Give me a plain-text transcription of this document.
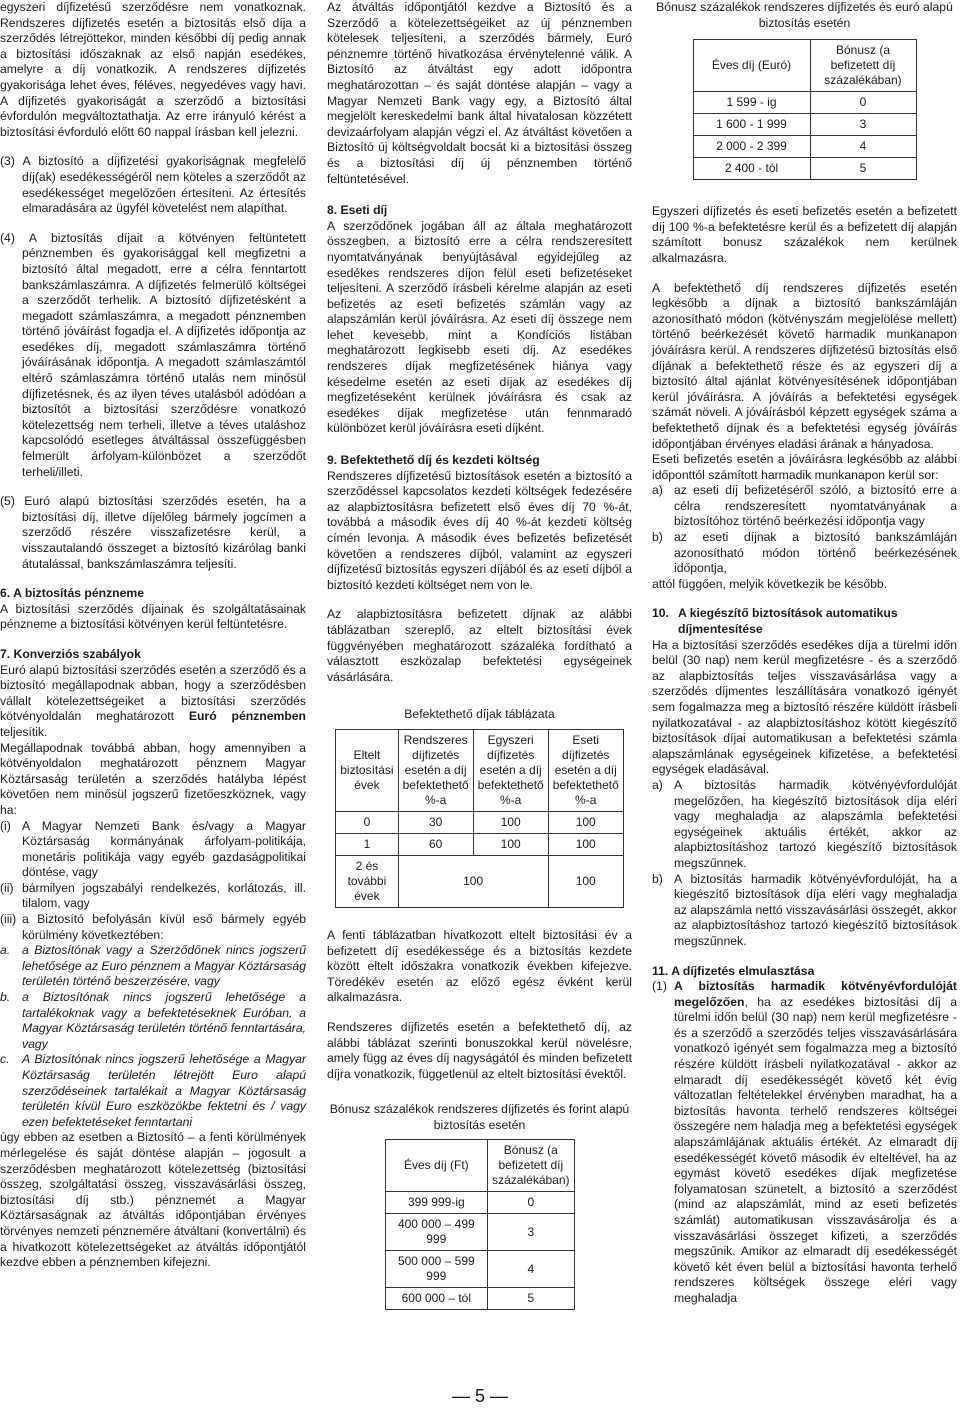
egyszeri díjfizetésű szerződésre nem vonatkoznak. Rendszeres díjfizetés esetén a biztosítás első díja a szerződés létrejöttekor, minden későbbi díj pedig annak a biztosítási időszaknak az első napján esedékes, amelyre a díj vonatkozik. A rendszeres díjfizetés gyakorisága lehet éves, féléves, negyedéves vagy havi. A díjfizetés gyakoriságát a szerződő a biztosítási évfordulón megváltoztathatja. Az erre irányuló kérést a biztosítási évforduló előtt 60 nappal írásban kell jelezni.

(3) A biztosító a díjfizetési gyakoriságnak megfelelő díj(ak) esedékességéről nem köteles a szerződőt az esedékességet megelőzően értesíteni. Az értesítés elmaradására az ügyfél követelést nem alapíthat.

(4) A biztosítás díjait a kötvényen feltüntetett pénznemben és gyakorisággal kell megfizetni a biztosító által megadott, erre a célra fenntartott bankszámlaszámra. A díjfizetés felmerülő költségei a szerződőt terhelik. A biztosító díjfizetésként a megadott számlaszámra, a megadott pénznemben történő jóváírást fogadja el. A díjfizetés időpontja az esedékes díj, megadott számlaszámra történő jóváírásának időpontja. A megadott számlaszámtól eltérő számlaszámra történő utalás nem minősül díjfizetésnek, és az ilyen téves utalásból adódóan a biztosítót a biztosítási szerződésre vonatkozó kötelezettség nem terheli, illetve a téves utaláshoz kapcsolódó esetleges átváltással összefüggésben felmerült árfolyam-különbözet a szerződőt terheli/illeti.

(5) Euró alapú biztosítási szerződés esetén, ha a biztosítási díj, illetve díjelőleg bármely jogcímen a szerződő részére visszafizetésre kerül, a visszautalandó összeget a biztosító kizárólag banki átutalással, bankszámlaszámra teljesíti.

6. A biztosítás pénzneme

A biztosítási szerződés díjainak és szolgáltatásainak pénzneme a biztosítási kötvényen kerül feltüntetésre.

7. Konverziós szabályok

Euró alapú biztosítási szerződés esetén a szerződő és a biztosító megállapodnak abban, hogy a szerződésben vállalt kötelezettségeiket a biztosítási szerződés kötvényoldalán meghatározott Euró pénznemben teljesítik.

Megállapodnak továbbá abban, hogy amennyiben a kötvényoldalon meghatározott pénznem Magyar Köztársaság területén a szerződés hatályba lépést követően nem minősül jogszerű fizetőeszköznek, vagy ha:

(i) A Magyar Nemzeti Bank és/vagy a Magyar Köztársaság kormányának árfolyam-politikája, monetáris politikája vagy egyéb gazdaságpolitikai döntése, vagy
(ii) bármilyen jogszabályi rendelkezés, korlátozás, ill. tilalom, vagy
(iii) a Biztosító befolyásán kívül eső bármely egyéb körülmény következtében:
a. a Biztosítónak vagy a Szerződőnek nincs jogszerű lehetősége az Euro pénznem a Magyar Köztársaság területén történő beszerzésére, vagy
b. a Biztosítónak nincs jogszerű lehetősége a tartalékoknak vagy a befektetéseknek Euróban, a Magyar Köztársaság területén történő fenntartására, vagy
c.	A Biztosítónak nincs jogszerű lehetősége a Magyar Köztársaság területén létrejött Euro alapú szerződéseinek tartalékait a Magyar Köztársaság területén kívül Euro eszközökbe fektetni és / vagy ezen befektetéseket fenntartani

úgy ebben az esetben a Biztosító – a fenti körülmények mérlegelése és saját döntése alapján – jogosult a szerződésben meghatározott kötelezettség (biztosítási összeg, szolgáltatási összeg, visszavásárlási összeg, biztosítási díj stb.) pénznemét a Magyar Köztársaságnak az átváltás időpontjában érvényes törvényes nemzeti pénznemére átváltani (konvertálni) és a hivatkozott kötelezettségeket az átváltás időpontjától kezdve ebben a pénznemben kifejezni.

Az átváltás időpontjától kezdve a Biztosító és a Szerződő a kötelezettségeiket az új pénznemben kötelesek teljesíteni, a szerződés bármely, Euró pénznemre történő hivatkozása érvénytelenné válik. A Biztosító az átváltást egy adott időpontra meghatározottan – és saját döntése alapján – vagy a Magyar Nemzeti Bank vagy egy, a Biztosító által megjelölt kereskedelmi bank által hivatalosan közzétett devizaárfolyam alapján végzi el. Az átváltást követően a Biztosító új költségvoldalt bocsát ki a biztosítási összeg és a biztosítási díj új pénznemben történő feltüntetésével.

8. Eseti díj

A szerződőnek jogában áll az általa meghatározott összegben, a biztosító erre a célra rendszeresített nyomtatványának benyújtásával egyidejűleg az esedékes rendszeres díjon felül eseti befizetéseket teljesíteni. A szerződő írásbeli kérelme alapján az eseti befizetés az eseti befizetés számlán vagy az alapszámlán kerül jóváírásra. Az eseti díj összege nem lehet kevesebb, mint a Kondíciós listában meghatározott legkisebb eseti díj. Az esedékes rendszeres díjak megfizetésének hiánya vagy késedelme esetén az eseti díjak az esedékes díj megfizetéseként kerülnek jóváírásra és csak az esedékes díjak megfizetése után fennmaradó különbözet kerül jóváírásra eseti díjként.

9. Befektethető díj és kezdeti költség

Rendszeres díjfizetésű biztosítások esetén a biztosító a szerződéssel kapcsolatos kezdeti költségek fedezésére az alapbiztosításra befizetett első éves díj 70 %-át, továbbá a második éves díj 40 %-át kezdeti költség címén levonja. A második éves befizetés befizetését követően a rendszeres díjból, valamint az egyszeri díjfizetésű biztosítás egyszeri díjából és az eseti díjból a biztosító kezdeti költséget nem von le.

Az alapbiztosításra befizetett díjnak az alábbi táblázatban szereplő, az eltelt biztosítási évek függvényében meghatározott százaléka fordítható a választott eszközalap befektetési egységeinek vásárlására.

Befektethető díjak táblázata

Eltelt biztosítási évek	Rendszeres díjfizetés esetén a díj befektethető %-a	Egyszeri díjfizetés esetén a díj befektethető %-a	Eseti díjfizetés esetén a díj befektethető %-a
0	30	100	100
1	60	100	100
2 és további évek	100		100

A fenti táblázatban hivatkozott eltelt biztosítási év a befizetett díj esedékessége és a biztosítás kezdete között eltelt időszakra vonatkozik években kifejezve. Töredékév esetén az előző egész évként kerül alkalmazásra.

Rendszeres díjfizetés esetén a befektethető díj, az alábbi táblázat szerinti bonuszokkal kerül növelésre, amely függ az éves díj nagyságától és minden befizetett díjra vonatkozik, függetlenül az eltelt biztosítási évektől.

Bónusz százalékok rendszeres díjfizetés és forint alapú biztosítás esetén

Éves díj (Ft)	Bónusz (a befizetett díj százalékában)
399 999-ig	0
400 000 – 499 999	3
500 000 – 599 999	4
600 000 – tól	5

Bónusz százalékok rendszeres díjfizetés és euró alapú biztosítás esetén

Éves díj (Euró)	Bónusz (a befizetett díj százalékában)
1 599 - ig	0
1 600 - 1 999	3
2 000 - 2 399	4
2 400 - tól	5

Egyszeri díjfizetés és eseti befizetés esetén a befizetett díj 100 %-a befektetésre kerül és a befizetett díj alapján számított bonusz százalékok nem kerülnek alkalmazásra.

A befektethető díj rendszeres díjfizetés esetén legkésőbb a díjnak a biztosító bankszámláján azonosítható módon (kötvényszám megjelölése mellett) történő beérkezését követő harmadik munkanapon jóváírásra kerül. A rendszeres díjfizetésű biztosítás első díjának a befektethető része és az egyszeri díj a biztosító által ajánlat kötvényesítésének időpontjában kerül jóváírásra. A jóváírás a befektetési egységek számát növeli. A jóváírásból képzett egységek száma a befektethető díjnak és a befektetési egység jóváírás időpontjában érvényes eladási árának a hányadosa.

Eseti befizetés esetén a jóváírásra legkésőbb az alábbi időponttól számított harmadik munkanapon kerül sor:

a) az eseti díj befizetéséről szóló, a biztosító erre a célra rendszeresített nyomtatványának a biztosítóhoz történő beérkezési időpontja vagy
b) az eseti díjnak a biztosító bankszámláján azonosítható módon történő beérkezésének időpontja,

attól függően, melyik következik be később.

10. A kiegészítő biztosítások automatikus díjmentesítése

Ha a biztosítási szerződés esedékes díja a türelmi időn belül (30 nap) nem kerül megfizetésre - és a szerződő az alapbiztosítás teljes visszavásárlása vagy a szerződés díjmentes leszállítására vonatkozó igényét sem fogalmazza meg a biztosító részére küldött írásbeli nyilatkozatával - az alapbiztosításhoz kötött kiegészítő biztosítások díjai automatikusan a befektetési számla alapszámlának egységeinek kifizetése, a befektetési egységek eladásával.

a) A biztosítás harmadik kötvényévfordulóját megelőzően, ha kiegészítő biztosítások díja eléri vagy meghaladja az alapszámla befektetési egységeinek aktuális értékét, akkor az alapbiztosításhoz tartozó kiegészítő biztosítások megszűnnek.
b) A biztosítás harmadik kötvényévfordulóját, ha a kiegészítő biztosítások díja eléri vagy meghaladja az alapszámla nettó visszavásárlási összegét, akkor az alapbiztosításhoz tartozó kiegészítő biztosítások megszűnnek.

11. A díjfizetés elmulasztása

(1) A biztosítás harmadik kötvényévfordulóját megelőzően, ha az esedékes biztosítási díj a türelmi időn belül (30 nap) nem kerül megfizetésre - és a szerződő a szerződés teljes visszavásárlására vonatkozó igényét sem fogalmazza meg a biztosító részére küldött írásbeli nyilatkozatával - akkor az elmaradt díj esedékességét követő két évig változatlan feltételekkel érvényben maradhat, ha a biztosítás havonta terhelő rendszeres költségei összegére nem haladja meg a befektetési egységek alapszámlájának aktuális értékét. Az elmaradt díj esedékességét követő második év elteltével, ha az egymást követő esedékes díjak megfizetése folyamatosan szünetelt, a biztosító a szerződést (mind az alapszámlát, mind az eseti befizetés számlát) automatikusan visszavásárolja és a visszavásárlási összeget kifizeti, a szerződés megszűnik. Amikor az elmaradt díj esedékességét követő két éven belül a biztosítási havonta terhelő rendszeres költségek összege eléri vagy meghaladja
— 5 —
